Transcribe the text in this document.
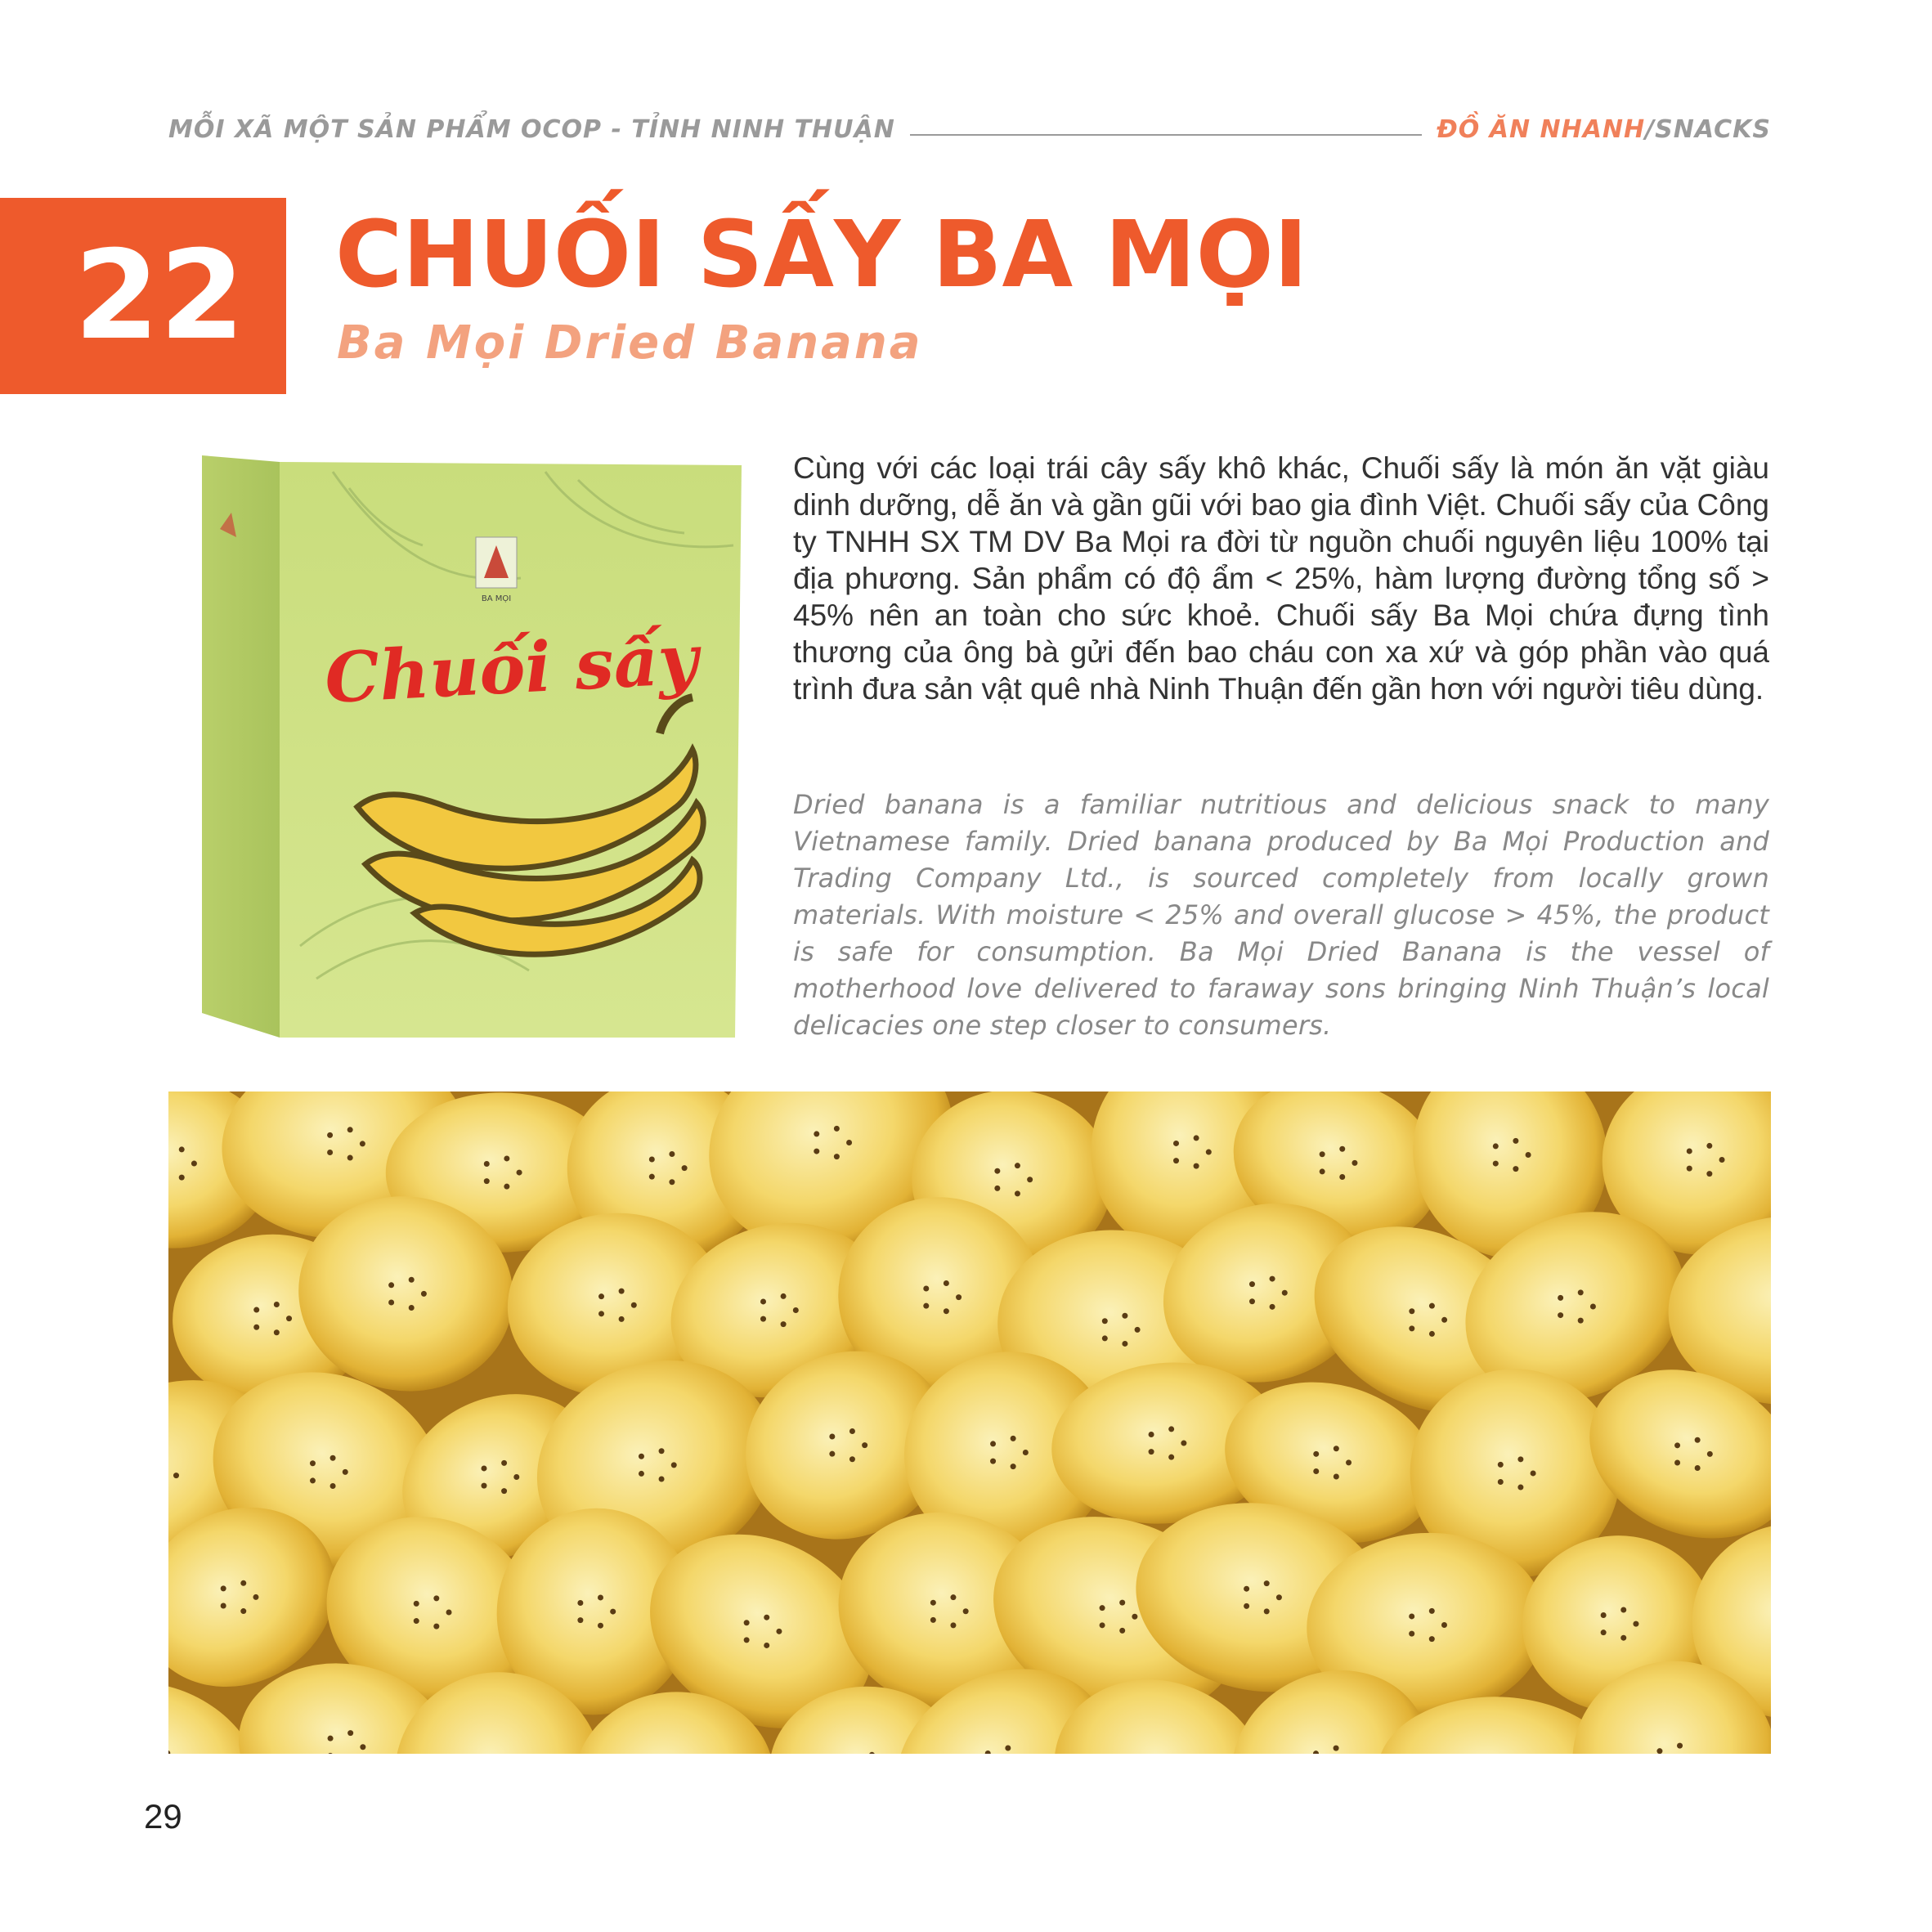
MỖI XÃ MỘT SẢN PHẨM OCOP - TỈNH NINH THUẬN	ĐỒ ĂN NHANH/SNACKS
22 CHUỐI SẤY BA MỌI
Ba Mọi Dried Banana
BA MỌI
Chuối sấy

Cùng với các loại trái cây sấy khô khác, Chuối sấy là món ăn vặt giàu dinh dưỡng, dễ ăn và gần gũi với bao gia đình Việt. Chuối sấy của Công ty TNHH SX TM DV Ba Mọi ra đời từ nguồn chuối nguyên liệu 100% tại địa phương. Sản phẩm có độ ẩm < 25%, hàm lượng đường tổng số > 45% nên an toàn cho sức khoẻ. Chuối sấy Ba Mọi chứa đựng tình thương của ông bà gửi đến bao cháu con xa xứ và góp phần vào quá trình đưa sản vật quê nhà Ninh Thuận đến gần hơn với người tiêu dùng.

Dried banana is a familiar nutritious and delicious snack to many Vietnamese family. Dried banana produced by Ba Mọi Production and Trading Company Ltd., is sourced completely from locally grown materials. With moisture < 25% and overall glucose > 45%, the product is safe for consumption. Ba Mọi Dried Banana is the vessel of motherhood love delivered to faraway sons bringing Ninh Thuận’s local delicacies one step closer to consumers.

29
